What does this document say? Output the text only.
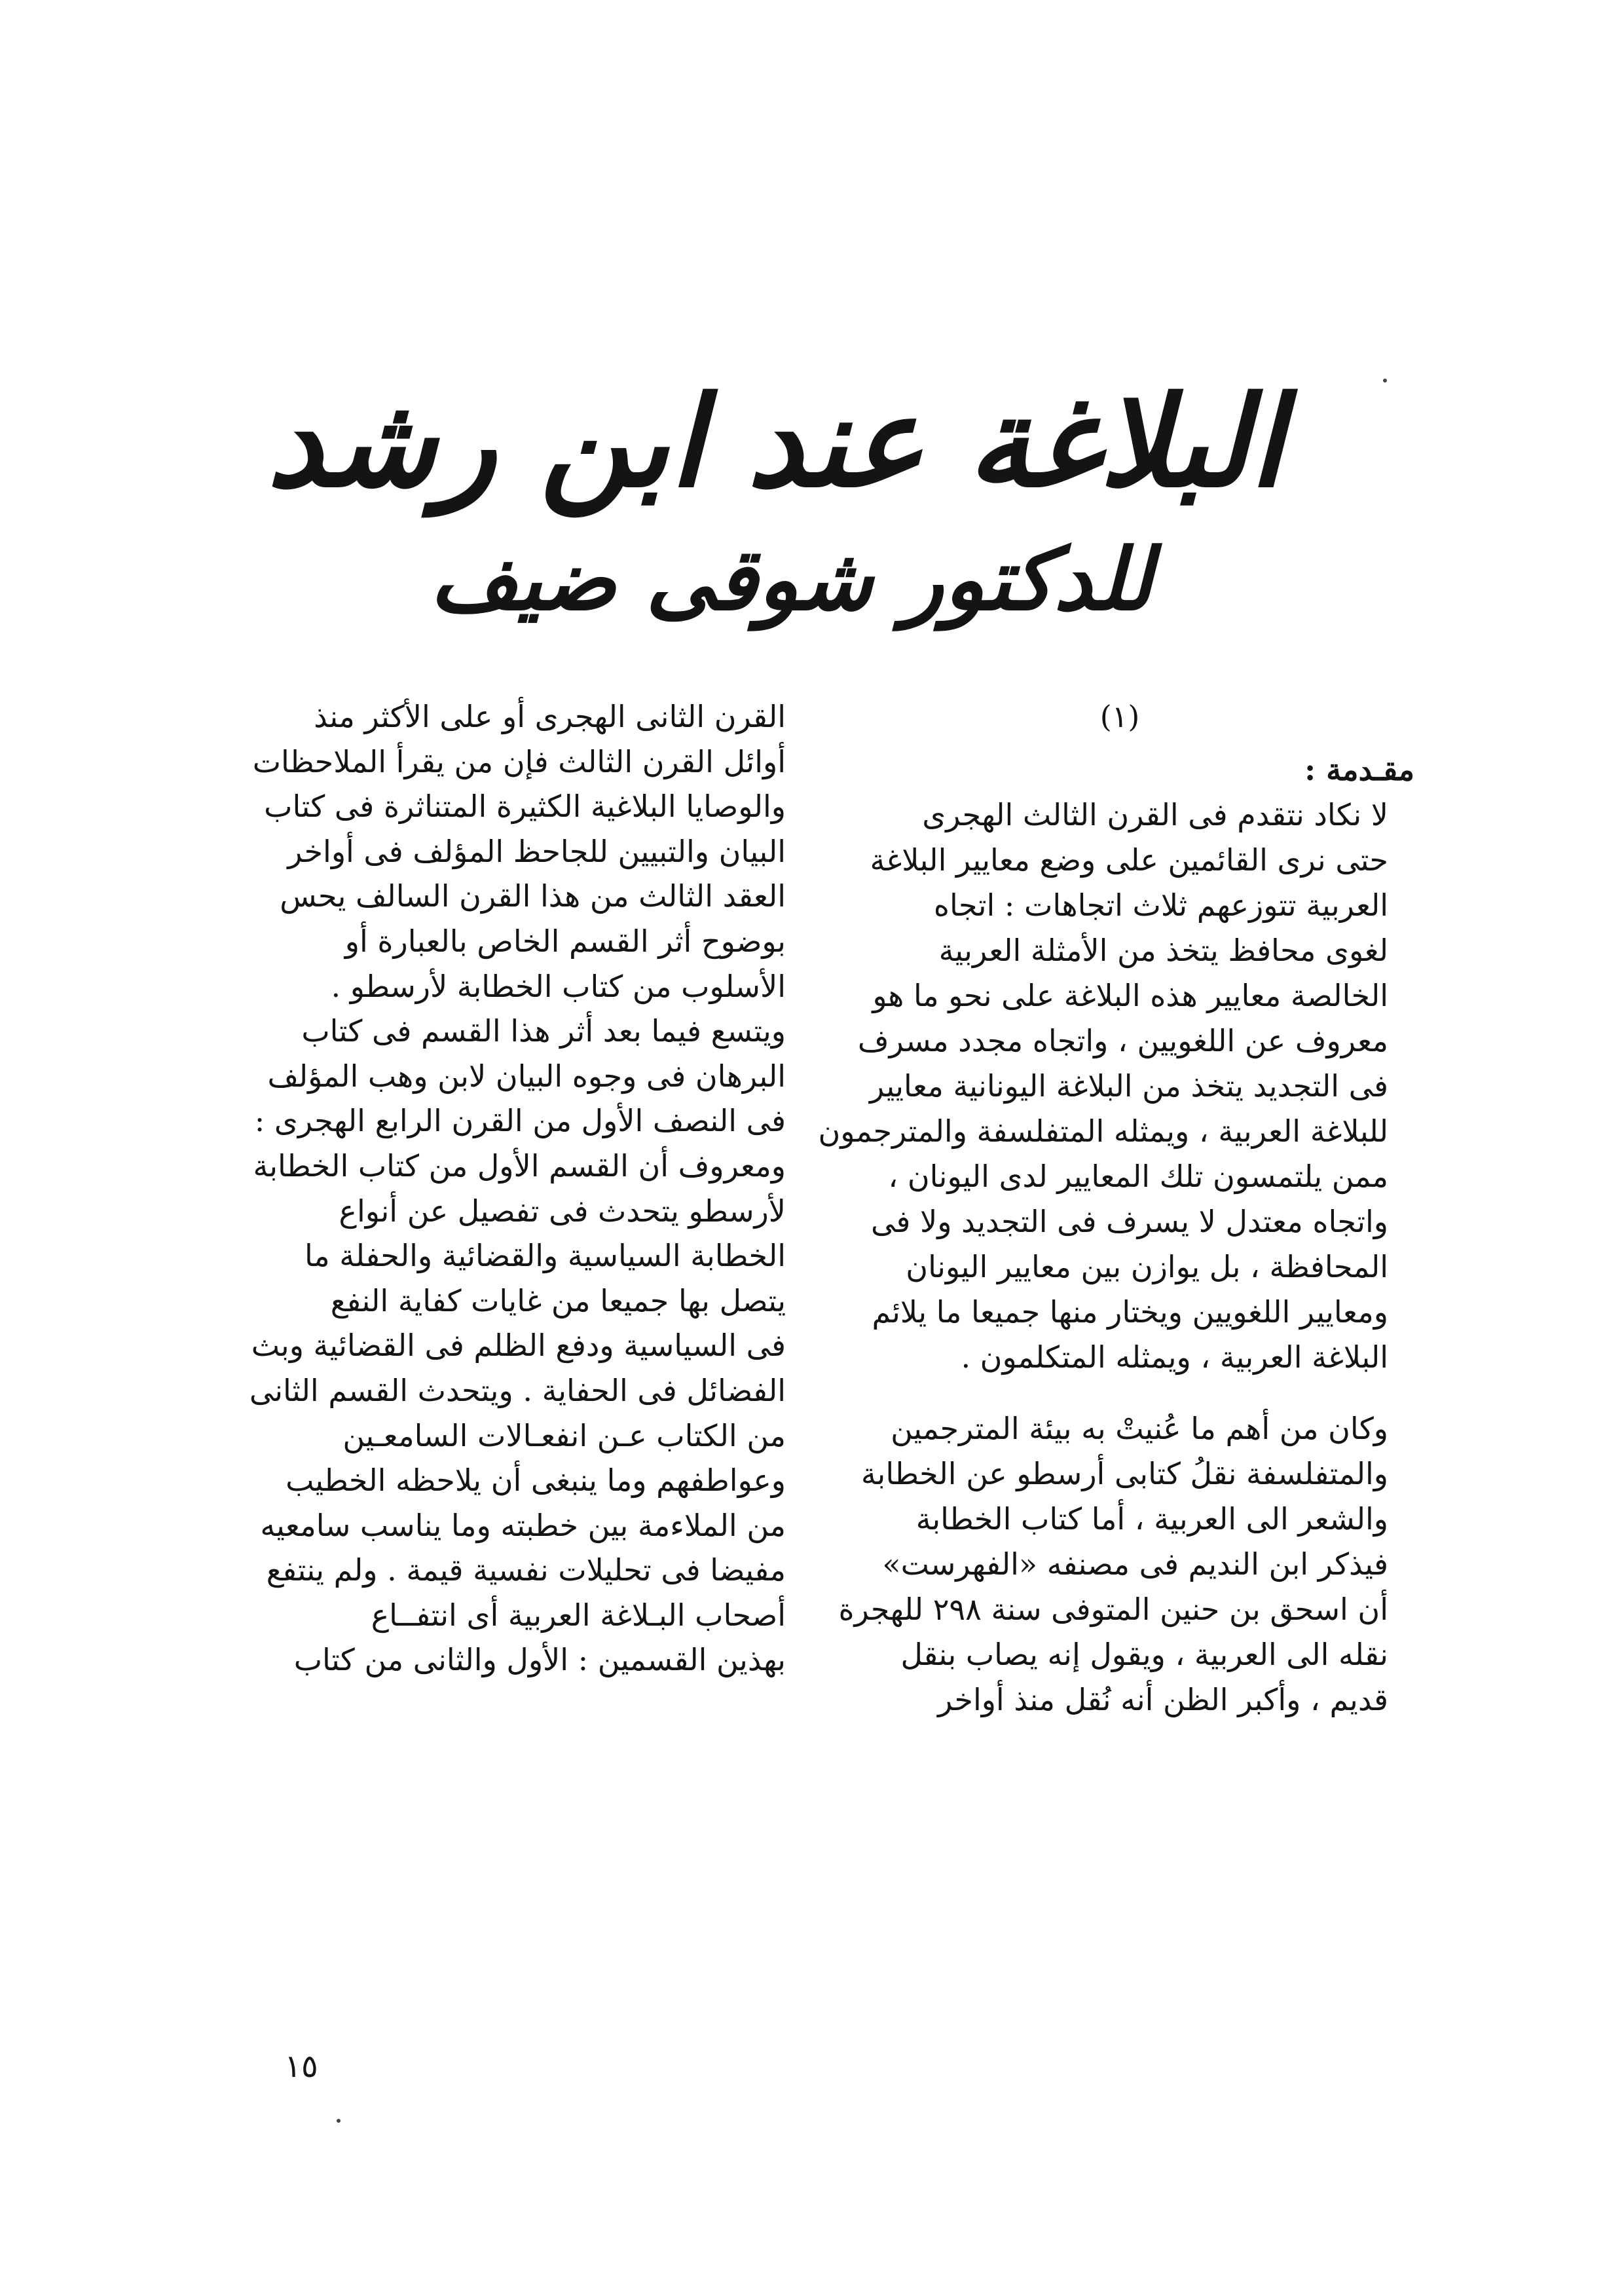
البلاغة عند ابن رشد
للدكتور شوقى ضيف
(١)
مقـدمة :
لا نكاد نتقدم فى القرن الثالث الهجرى
حتى نرى القائمين على وضع معايير البلاغة
العربية تتوزعهم ثلاث اتجاهات : اتجاه
لغوى محافظ يتخذ من الأمثلة العربية
الخالصة معايير هذه البلاغة على نحو ما هو
معروف عن اللغويين ، واتجاه مجدد مسرف
فى التجديد يتخذ من البلاغة اليونانية معايير
للبلاغة العربية ، ويمثله المتفلسفة والمترجمون
ممن يلتمسون تلك المعايير لدى اليونان ،
واتجاه معتدل لا يسرف فى التجديد ولا فى
المحافظة ، بل يوازن بين معايير اليونان
ومعايير اللغويين ويختار منها جميعا ما يلائم
البلاغة العربية ، ويمثله المتكلمون .
وكان من أهم ما عُنيتْ به بيئة المترجمين
والمتفلسفة نقلُ كتابى أرسطو عن الخطابة
والشعر الى العربية ، أما كتاب الخطابة
فيذكر ابن النديم فى مصنفه «الفهرست»
أن اسحق بن حنين المتوفى سنة ٢٩٨ للهجرة
نقله الى العربية ، ويقول إنه يصاب بنقل
قديم ، وأكبر الظن أنه نُقل منذ أواخر
القرن الثانى الهجرى أو على الأكثر منذ
أوائل القرن الثالث فإن من يقرأ الملاحظات
والوصايا البلاغية الكثيرة المتناثرة فى كتاب
البيان والتبيين للجاحظ المؤلف فى أواخر
العقد الثالث من هذا القرن السالف يحس
بوضوح أثر القسم الخاص بالعبارة أو
الأسلوب من كتاب الخطابة لأرسطو .
ويتسع فيما بعد أثر هذا القسم فى كتاب
البرهان فى وجوه البيان لابن وهب المؤلف
فى النصف الأول من القرن الرابع الهجرى :
ومعروف أن القسم الأول من كتاب الخطابة
لأرسطو يتحدث فى تفصيل عن أنواع
الخطابة السياسية والقضائية والحفلة ما
يتصل بها جميعا من غايات كفاية النفع
فى السياسية ودفع الظلم فى القضائية وبث
الفضائل فى الحفاية . ويتحدث القسم الثانى
من الكتاب عـن انفعـالات السامعـين
وعواطفهم وما ينبغى أن يلاحظه الخطيب
من الملاءمة بين خطبته وما يناسب سامعيه
مفيضا فى تحليلات نفسية قيمة . ولم ينتفع
أصحاب البـلاغة العربية أى انتفــاع
بهذين القسمين : الأول والثانى من كتاب
١٥
